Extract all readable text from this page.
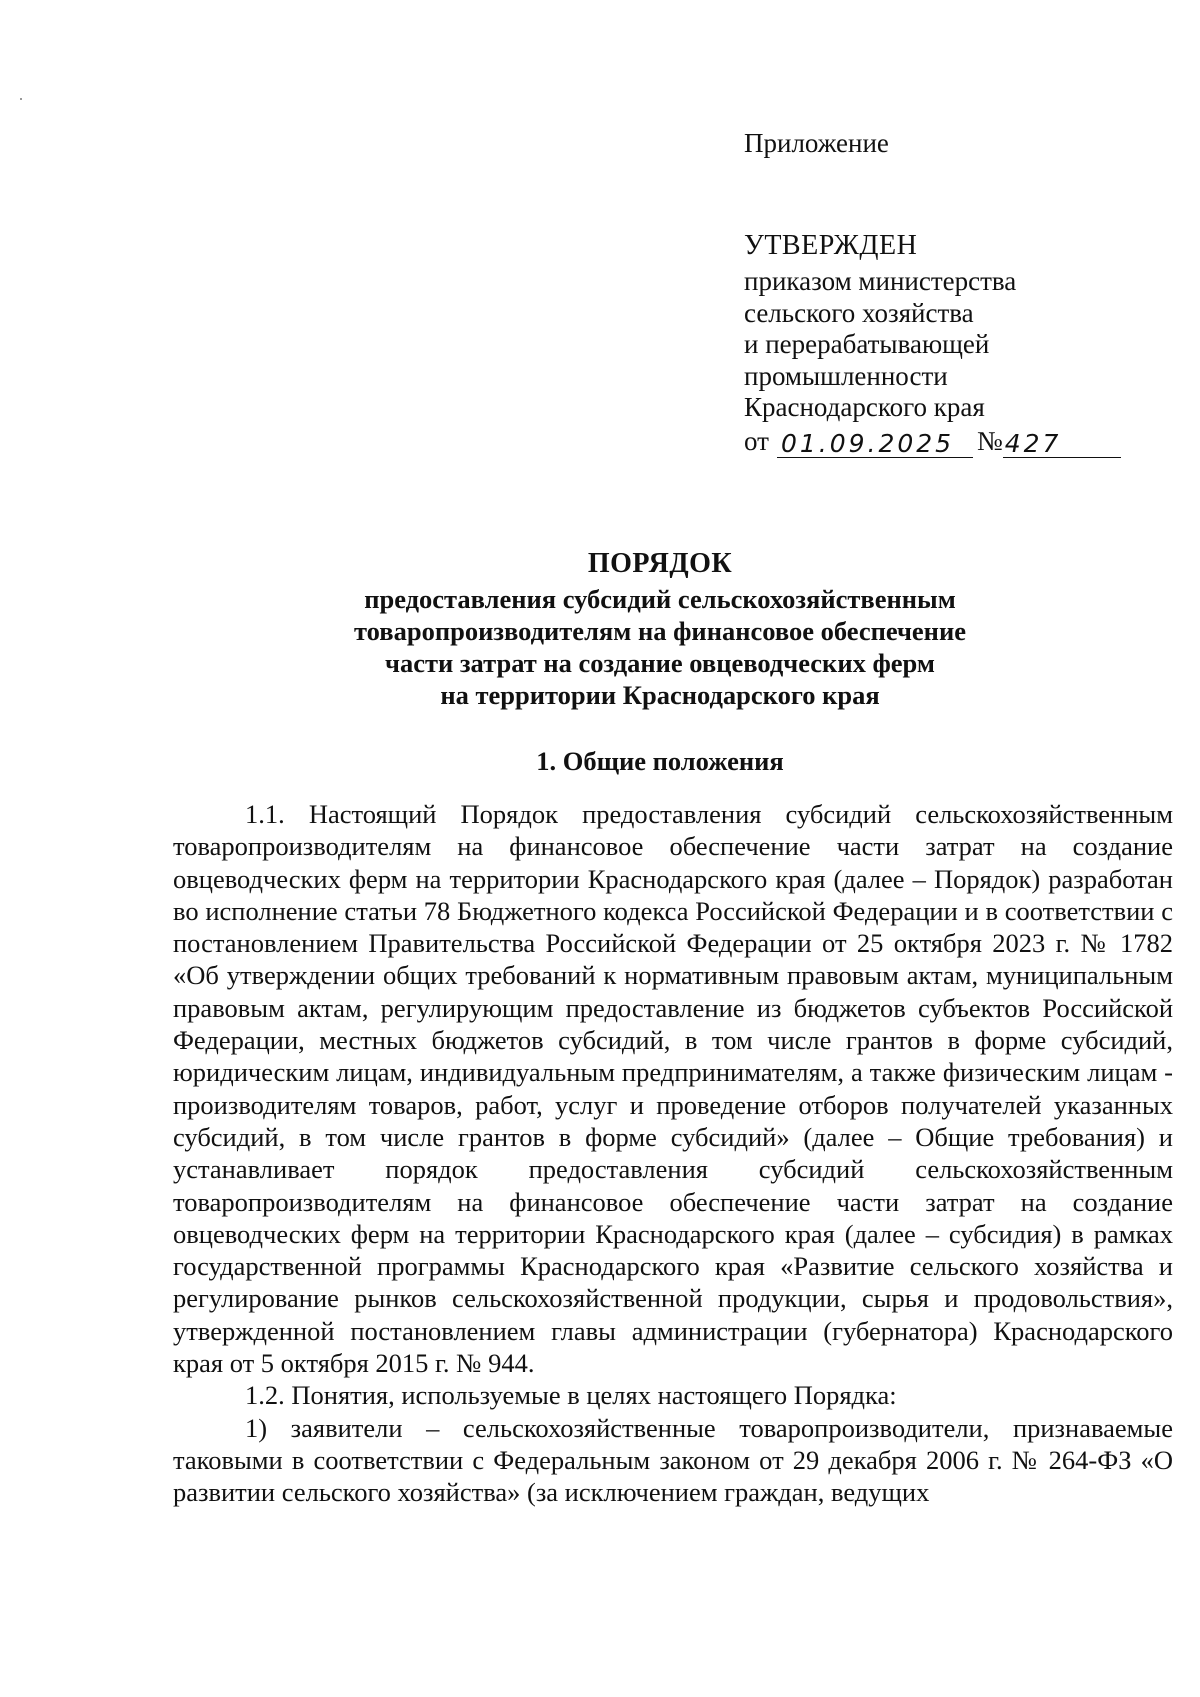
Приложение
УТВЕРЖДЕН
приказом министерства
сельского хозяйства
и перерабатывающей
промышленности
Краснодарского края
от 01.09.2025 № 427
ПОРЯДОК
предоставления субсидий сельскохозяйственным
товаропроизводителям на финансовое обеспечение
части затрат на создание овцеводческих ферм
на территории Краснодарского края
1. Общие положения

1.1. Настоящий Порядок предоставления субсидий сельскохозяйственным товаропроизводителям на финансовое обеспечение части затрат на создание овцеводческих ферм на территории Краснодарского края (далее – Порядок) разработан во исполнение статьи 78 Бюджетного кодекса Российской Федерации и в соответствии с постановлением Правительства Российской Федерации от 25 октября 2023 г. № 1782 «Об утверждении общих требований к нормативным правовым актам, муниципальным правовым актам, регулирующим предоставление из бюджетов субъектов Российской Федерации, местных бюджетов субсидий, в том числе грантов в форме субсидий, юридическим лицам, индивидуальным предпринимателям, а также физическим лицам - производителям товаров, работ, услуг и проведение отборов получателей указанных субсидий, в том числе грантов в форме субсидий» (далее – Общие требования) и устанавливает порядок предоставления субсидий сельскохозяйственным товаропроизводителям на финансовое обеспечение части затрат на создание овцеводческих ферм на территории Краснодарского края (далее – субсидия) в рамках государственной программы Краснодарского края «Развитие сельского хозяйства и регулирование рынков сельскохозяйственной продукции, сырья и продовольствия», утвержденной постановлением главы администрации (губернатора) Краснодарского края от 5 октября 2015 г. № 944.

1.2. Понятия, используемые в целях настоящего Порядка:

1) заявители – сельскохозяйственные товаропроизводители, признаваемые таковыми в соответствии с Федеральным законом от 29 декабря 2006 г. № 264-ФЗ «О развитии сельского хозяйства» (за исключением граждан, ведущих
